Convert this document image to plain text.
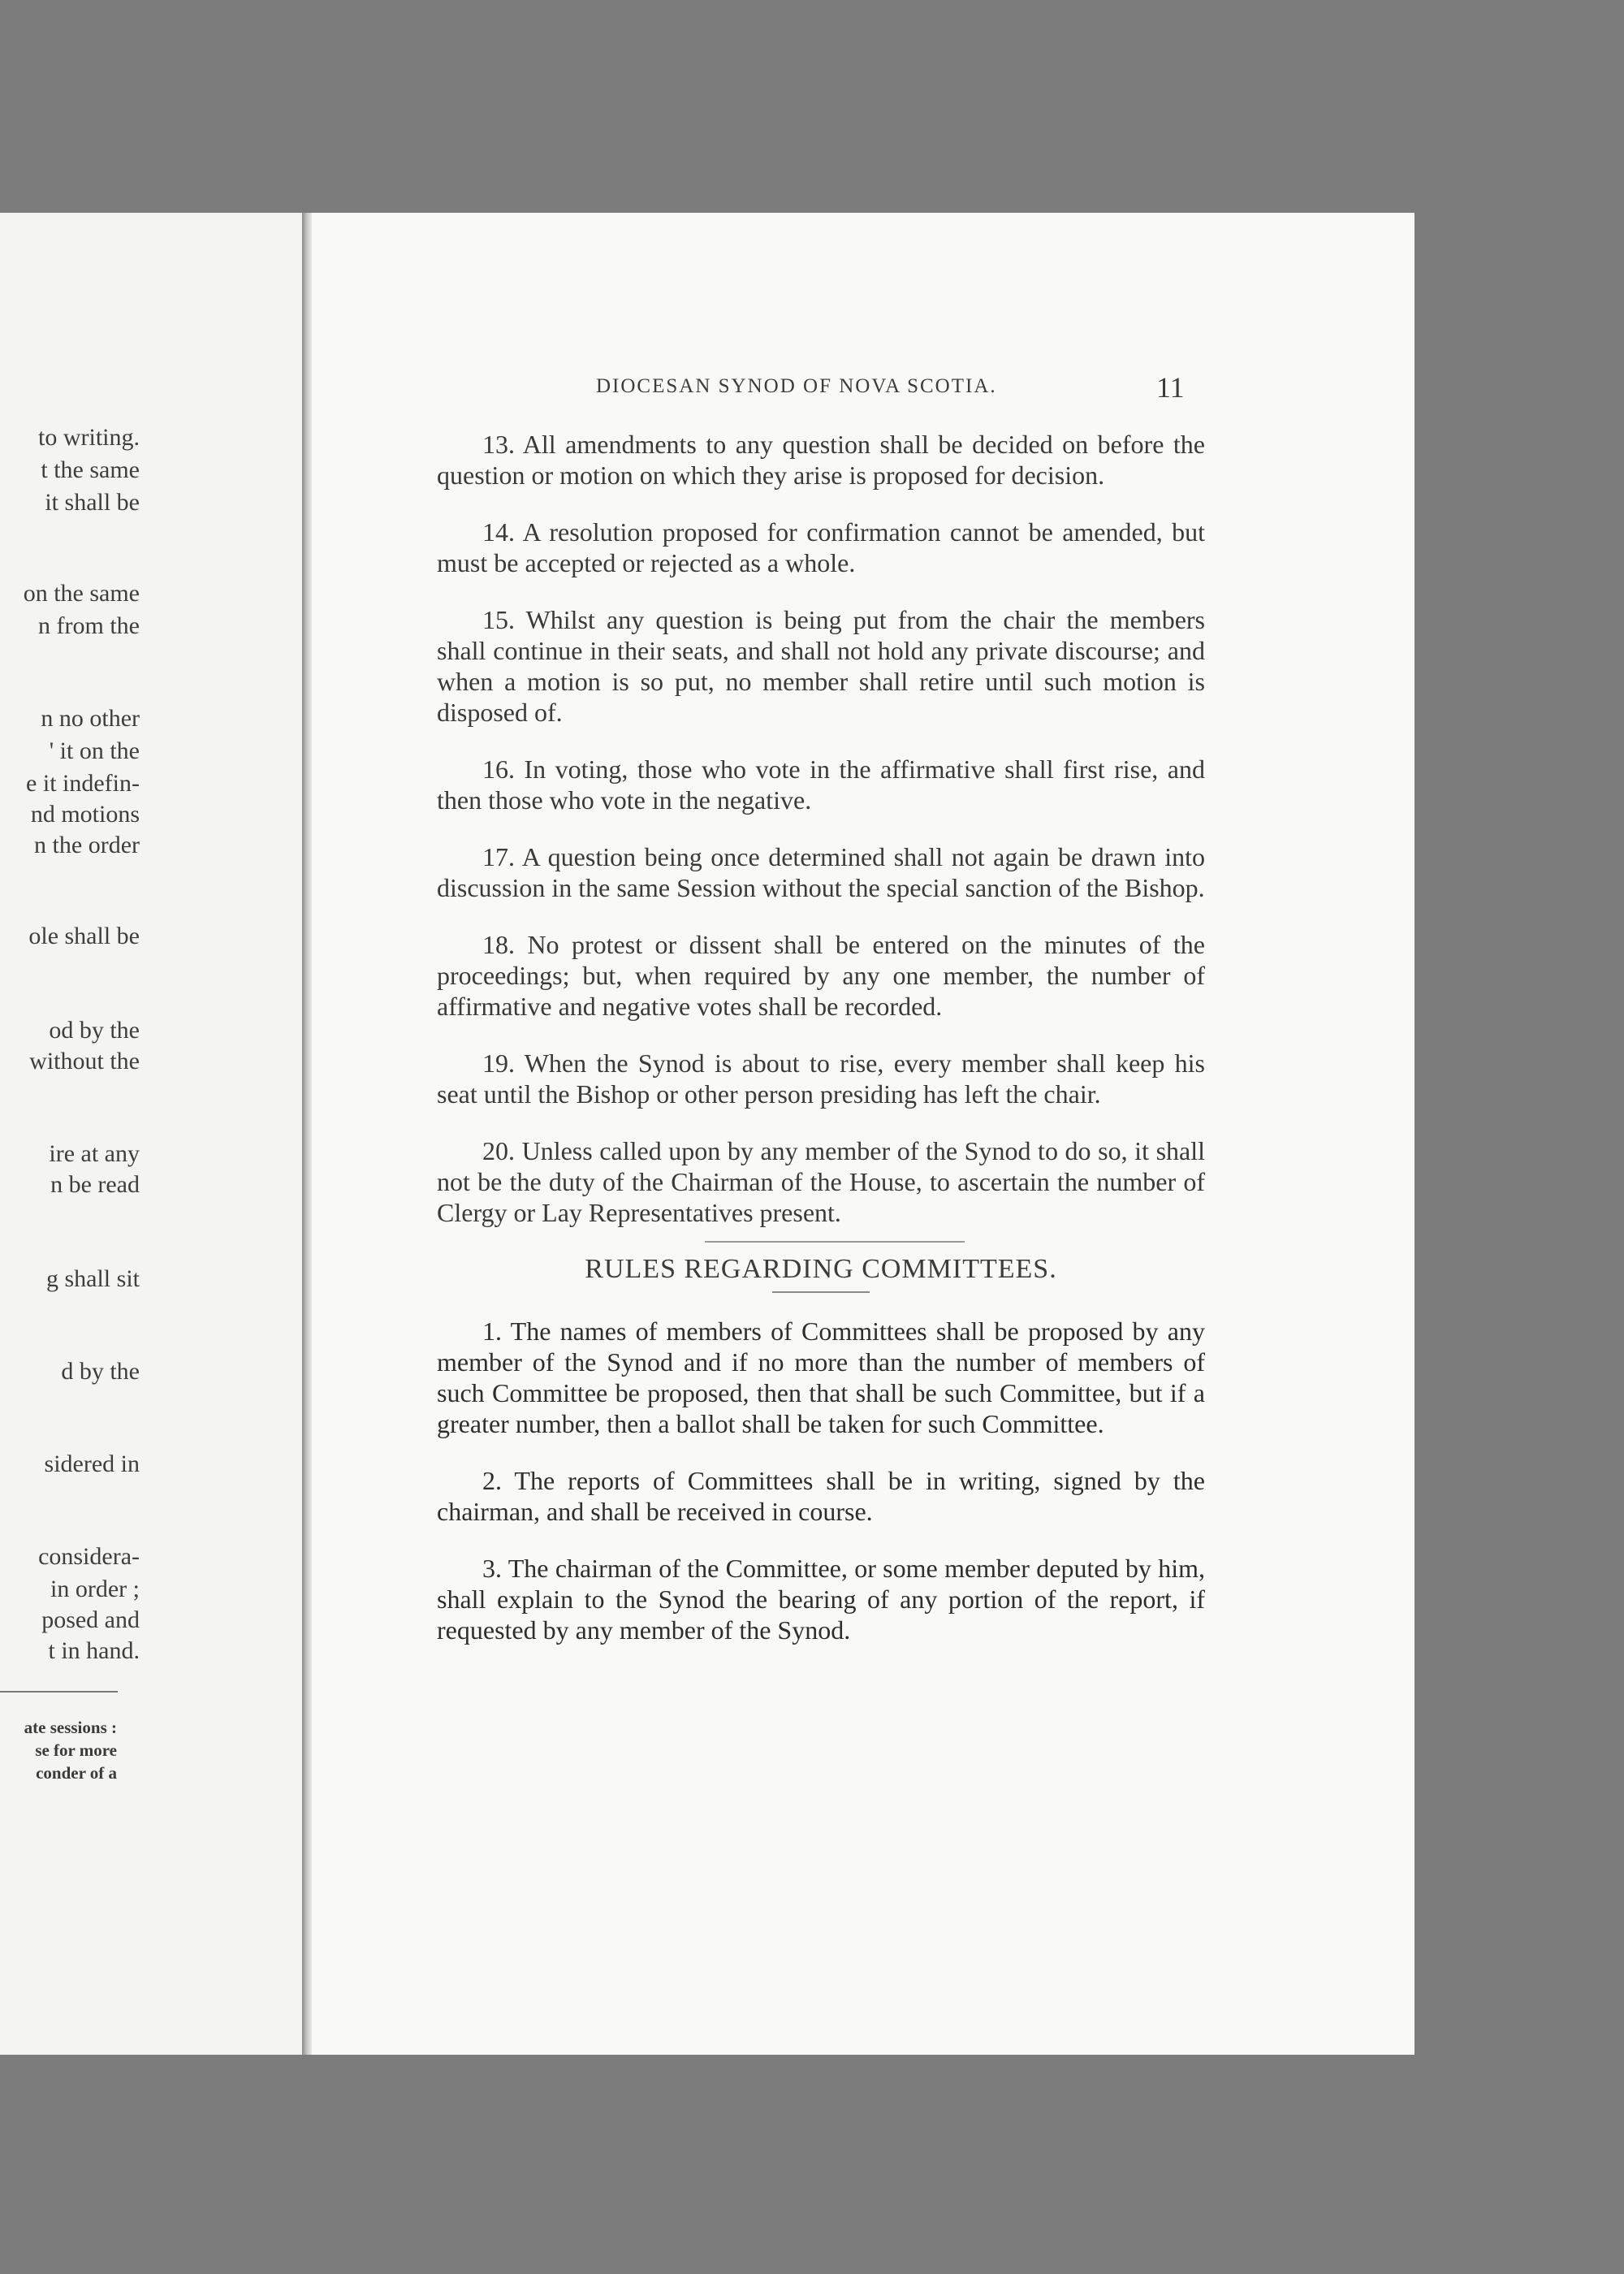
to writing.
t the same
it shall be
on the same
n from the
n no other
' it on the
e it indefin-
nd motions
n the order
ole shall be
od by the
without the
ire at any
n be read
g shall sit
d by the
sidered in
considera-
in order ;
posed and
t in hand.
ate sessions :
se for more
conder of a
DIOCESAN SYNOD OF NOVA SCOTIA.	11

13. All amendments to any question shall be decided on before the question or motion on which they arise is proposed for decision.

14. A resolution proposed for confirmation cannot be amended, but must be accepted or rejected as a whole.

15. Whilst any question is being put from the chair the members shall continue in their seats, and shall not hold any private discourse; and when a motion is so put, no member shall retire until such motion is disposed of.

16. In voting, those who vote in the affirmative shall first rise, and then those who vote in the negative.

17. A question being once determined shall not again be drawn into discussion in the same Session without the special sanction of the Bishop.

18. No protest or dissent shall be entered on the minutes of the proceedings; but, when required by any one member, the number of affirmative and negative votes shall be recorded.

19. When the Synod is about to rise, every member shall keep his seat until the Bishop or other person presiding has left the chair.

20. Unless called upon by any member of the Synod to do so, it shall not be the duty of the Chairman of the House, to ascertain the number of Clergy or Lay Representatives present.

RULES REGARDING COMMITTEES.

1. The names of members of Committees shall be proposed by any member of the Synod and if no more than the number of members of such Committee be proposed, then that shall be such Committee, but if a greater number, then a ballot shall be taken for such Committee.

2. The reports of Committees shall be in writing, signed by the chairman, and shall be received in course.

3. The chairman of the Committee, or some member deputed by him, shall explain to the Synod the bearing of any portion of the report, if requested by any member of the Synod.
